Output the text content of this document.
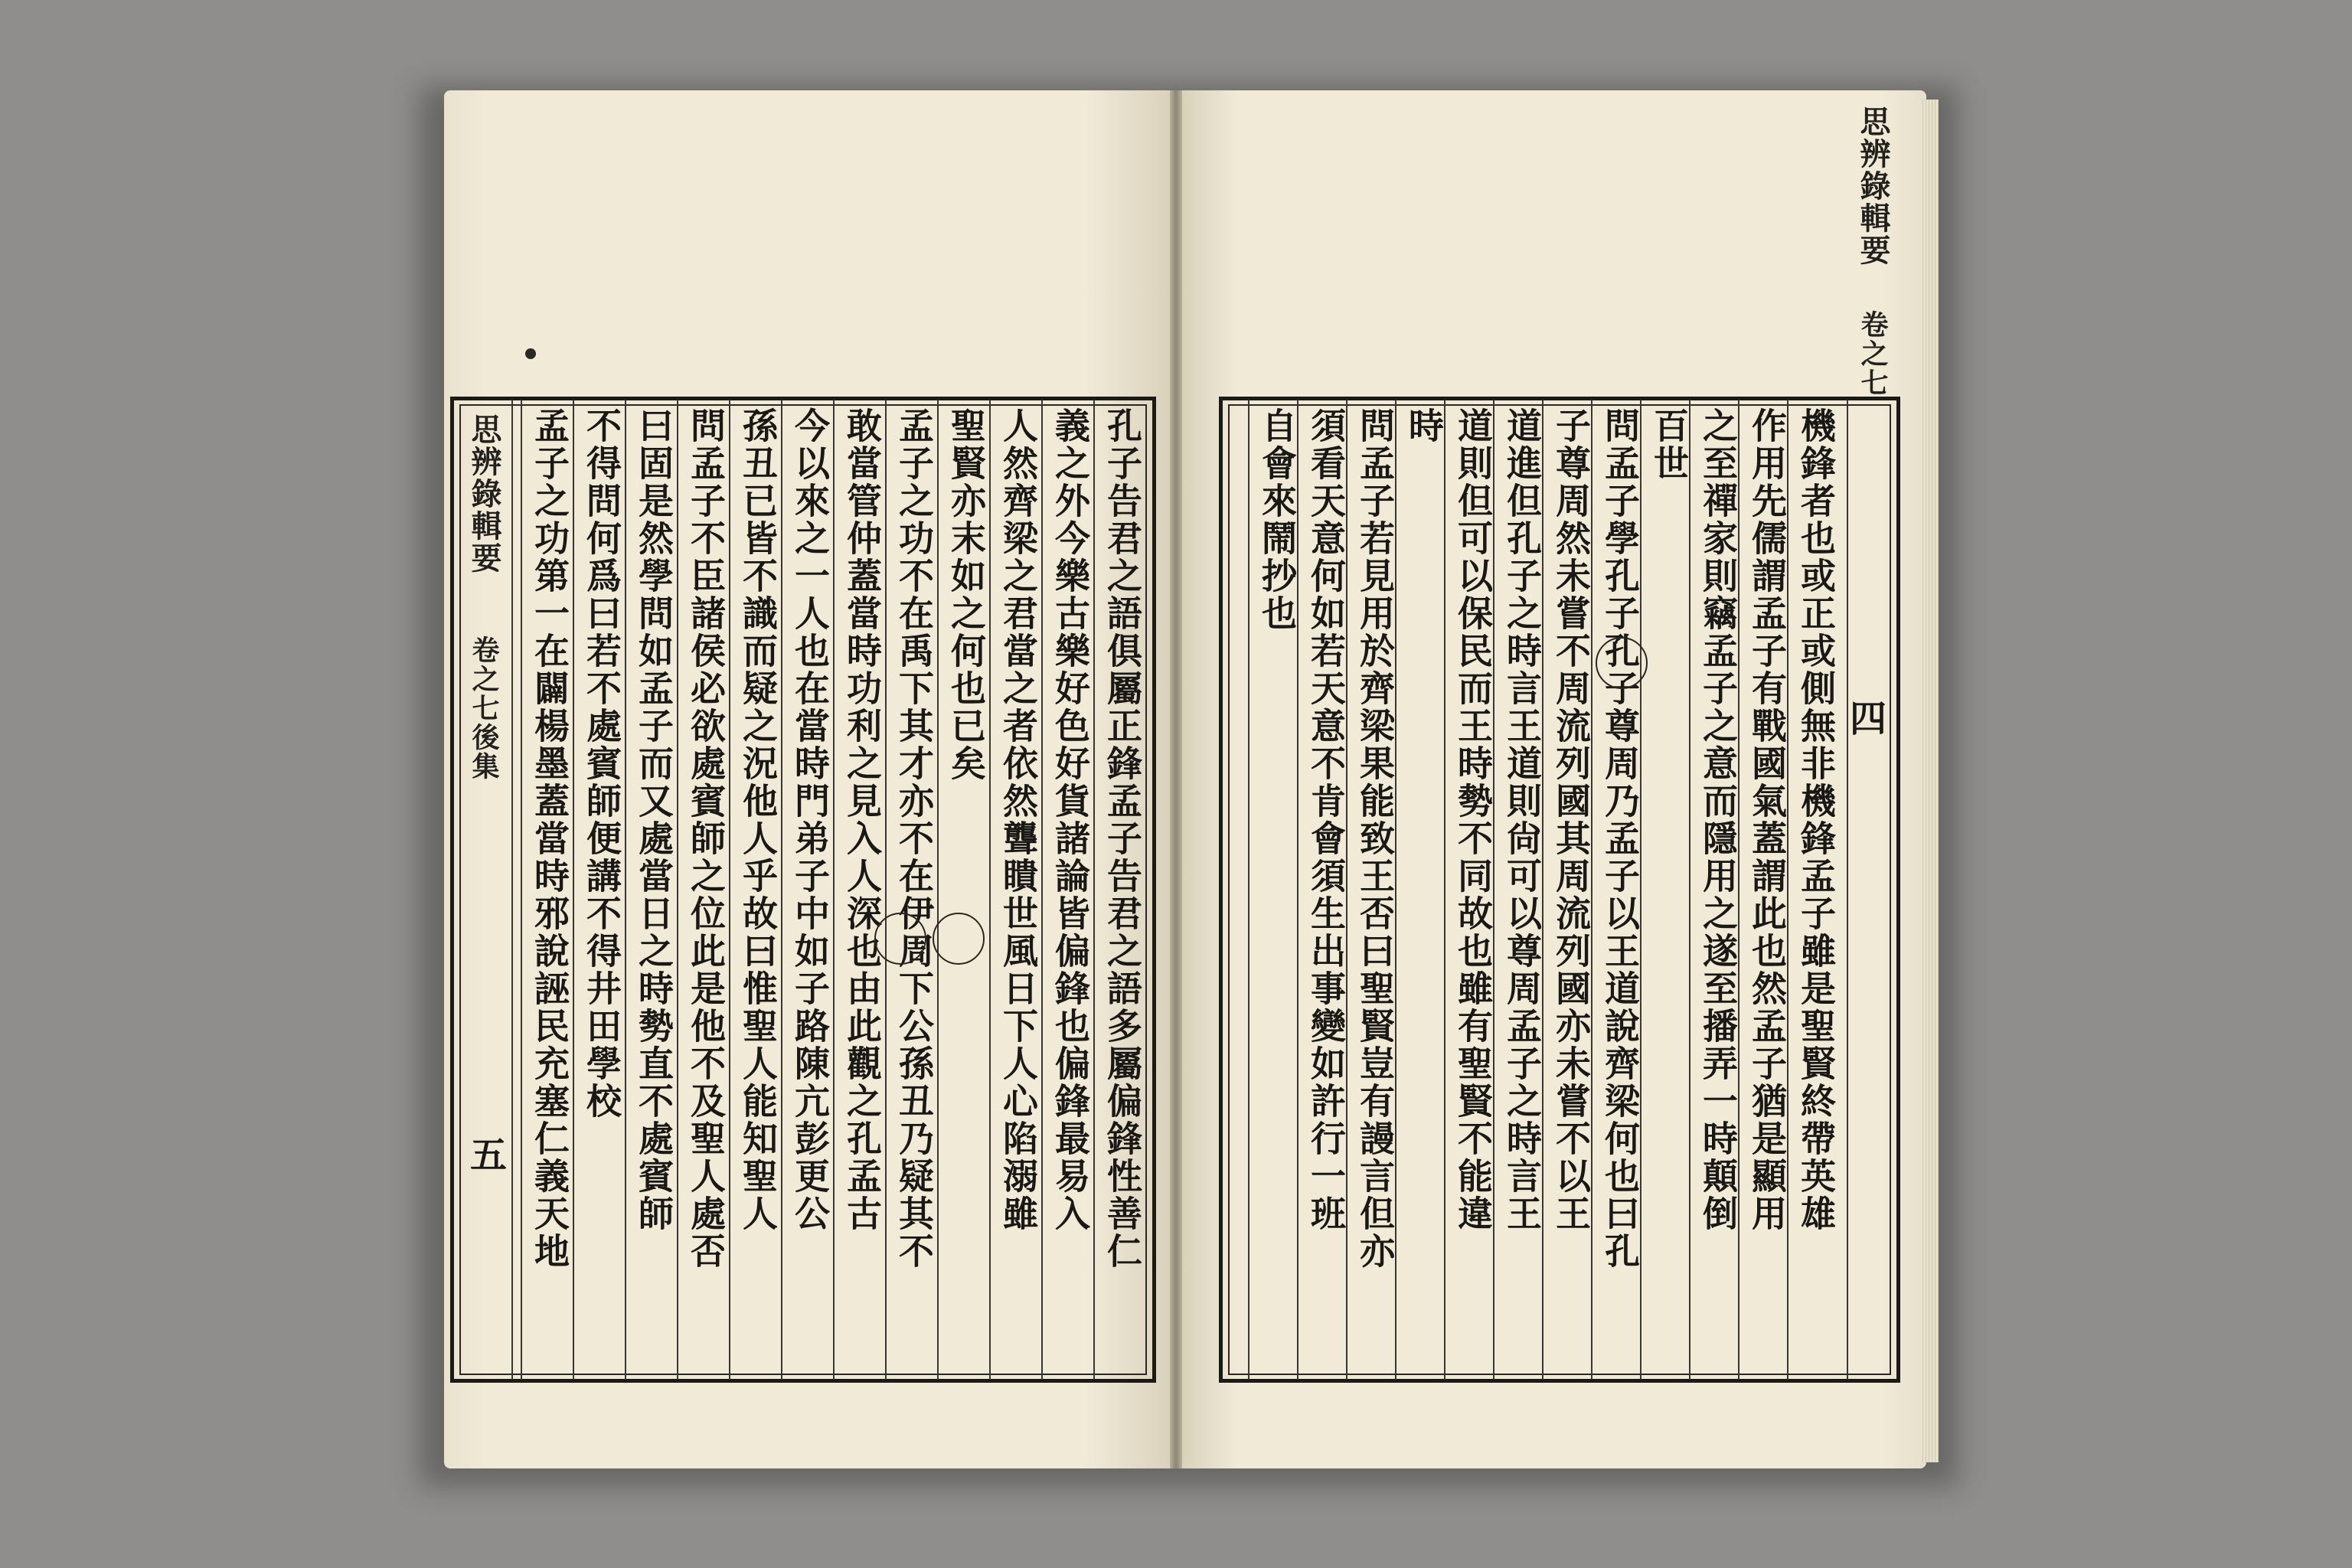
思辨錄輯要
卷之七後集
五	孔子告君之語俱屬正鋒孟子告君之語多屬偏鋒性善仁
義之外今樂古樂好色好貨諸論皆偏鋒也偏鋒最易入
人然齊梁之君當之者依然聾瞶世風日下人心陷溺雖
聖賢亦末如之何也已矣
孟子之功不在禹下其才亦不在伊周下公孫丑乃疑其不
敢當管仲蓋當時功利之見入人深也由此觀之孔孟古
今以來之一人也在當時門弟子中如子路陳亢彭更公
孫丑已皆不識而疑之況他人乎故曰惟聖人能知聖人
問孟子不臣諸侯必欲處賓師之位此是他不及聖人處否
曰固是然學問如孟子而又處當日之時勢直不處賓師
不得問何爲曰若不處賓師便講不得井田學校
孟子之功第一在闢楊墨蓋當時邪說誣民充塞仁義天地
思辨錄輯要
卷之七
四
機鋒者也或正或側無非機鋒孟子雖是聖賢終帶英雄
作用先儒謂孟子有戰國氣蓋謂此也然孟子猶是顯用
之至禪家則竊孟子之意而隱用之遂至播弄一時顛倒
百世
問孟子學孔子孔子尊周乃孟子以王道說齊梁何也曰孔
子尊周然未嘗不周流列國其周流列國亦未嘗不以王
道進但孔子之時言王道則尙可以尊周孟子之時言王
道則但可以保民而王時勢不同故也雖有聖賢不能違
時
問孟子若見用於齊梁果能致王否曰聖賢豈有謾言但亦
須看天意何如若天意不肯會須生出事變如許行一班
自會來鬧抄也
